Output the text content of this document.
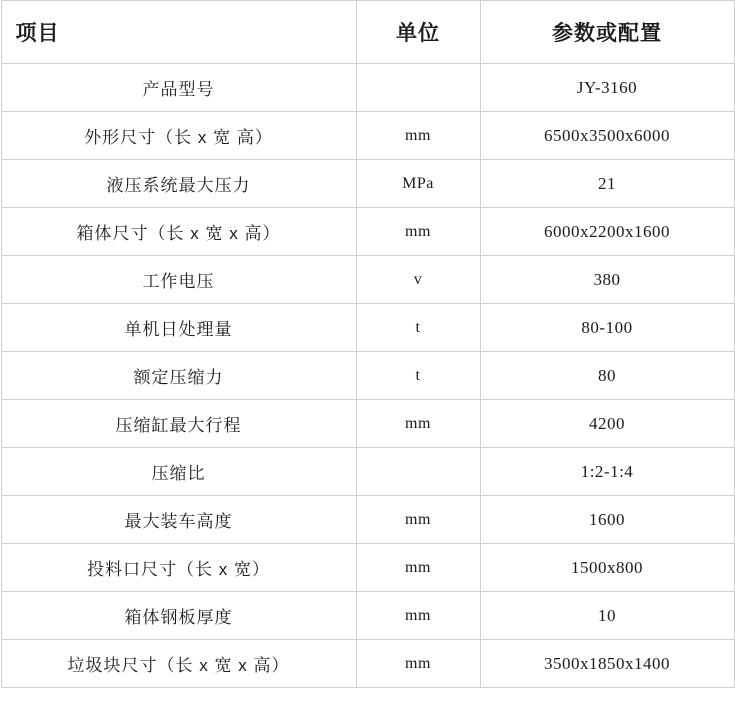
项目	单位	参数或配置
产品型号		JY-3160
外形尺寸（长 x 宽 高）	mm	6500x3500x6000
液压系统最大压力	MPa	21
箱体尺寸（长 x 宽 x 高）	mm	6000x2200x1600
工作电压	v	380
单机日处理量	t	80-100
额定压缩力	t	80
压缩缸最大行程	mm	4200
压缩比		1:2-1:4
最大装车高度	mm	1600
投料口尺寸（长 x 宽）	mm	1500x800
箱体钢板厚度	mm	10
垃圾块尺寸（长 x 宽 x 高）	mm	3500x1850x1400
